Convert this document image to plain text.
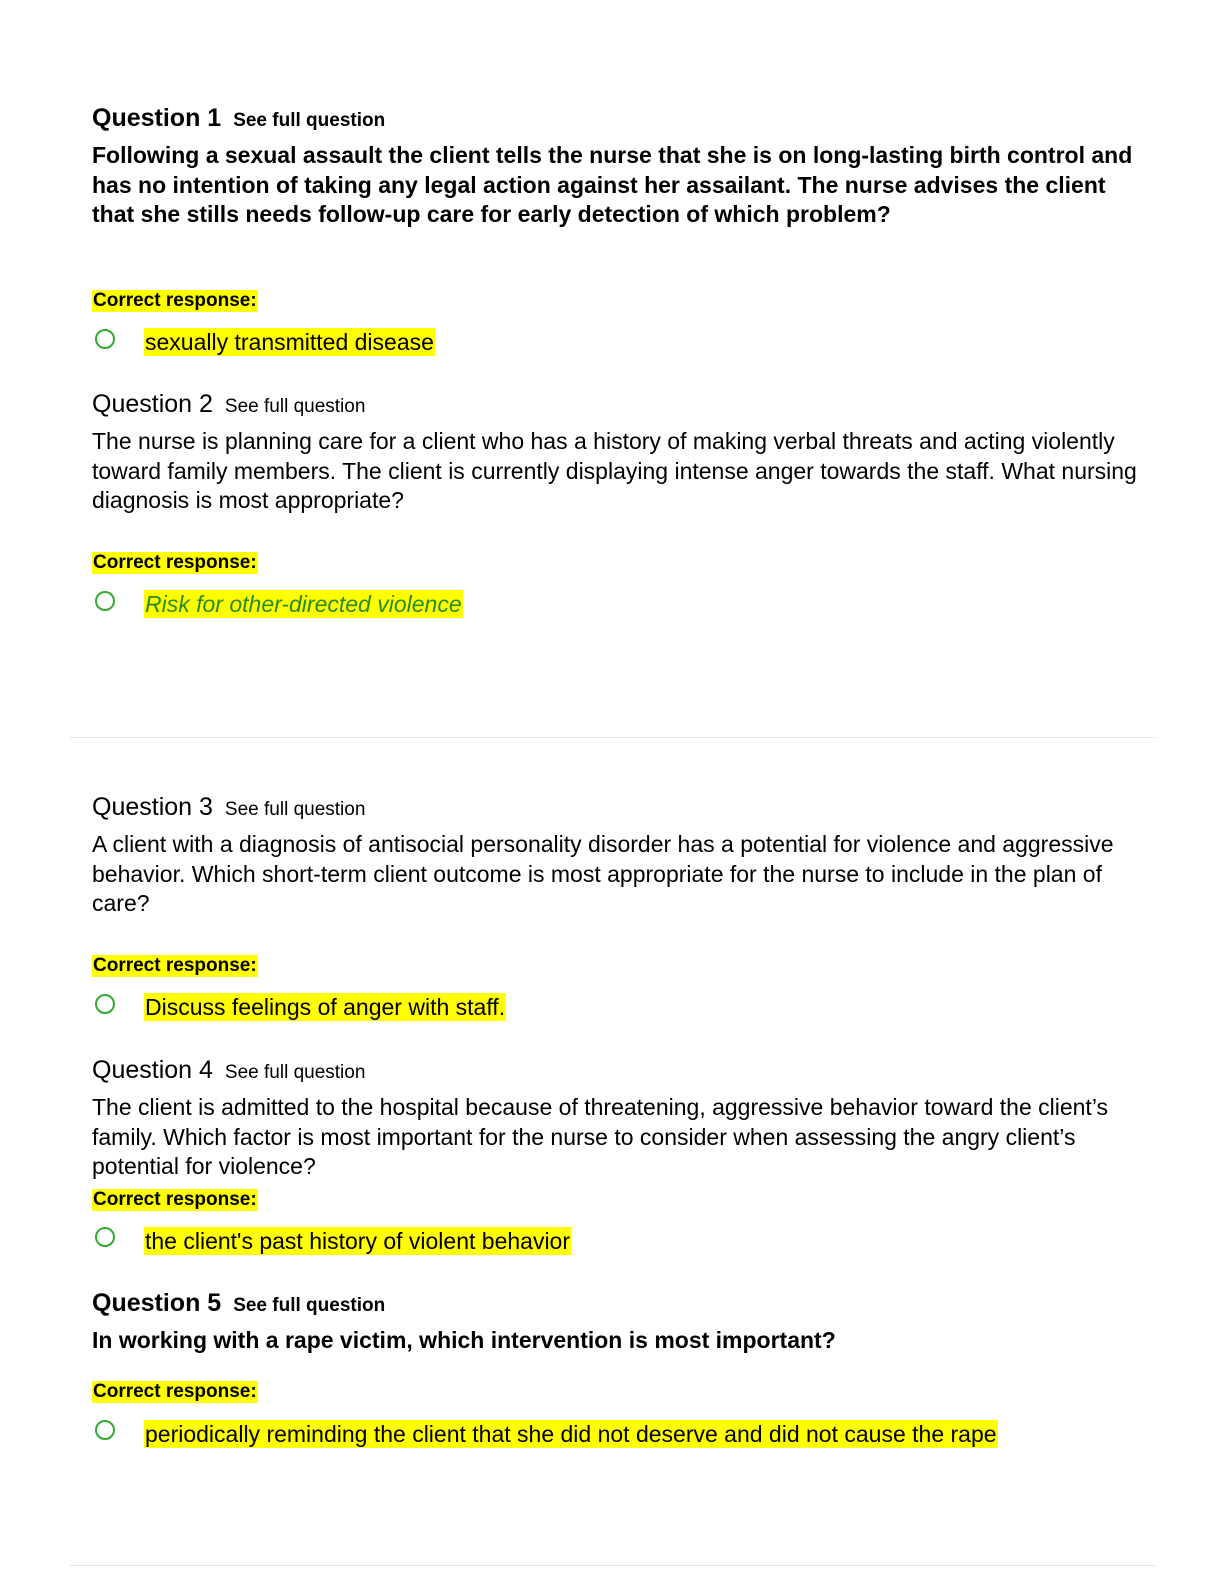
Question 1 See full question
Following a sexual assault the client tells the nurse that she is on long-lasting birth control and has no intention of taking any legal action against her assailant. The nurse advises the client that she stills needs follow-up care for early detection of which problem?
Correct response:
sexually transmitted disease
Question 2 See full question
The nurse is planning care for a client who has a history of making verbal threats and acting violently toward family members. The client is currently displaying intense anger towards the staff. What nursing diagnosis is most appropriate?
Correct response:
Risk for other-directed violence
Question 3 See full question
A client with a diagnosis of antisocial personality disorder has a potential for violence and aggressive behavior. Which short-term client outcome is most appropriate for the nurse to include in the plan of care?
Correct response:
Discuss feelings of anger with staff.
Question 4 See full question
The client is admitted to the hospital because of threatening, aggressive behavior toward the client’s family. Which factor is most important for the nurse to consider when assessing the angry client’s potential for violence?
Correct response:
the client's past history of violent behavior
Question 5 See full question
In working with a rape victim, which intervention is most important?
Correct response:
periodically reminding the client that she did not deserve and did not cause the rape
